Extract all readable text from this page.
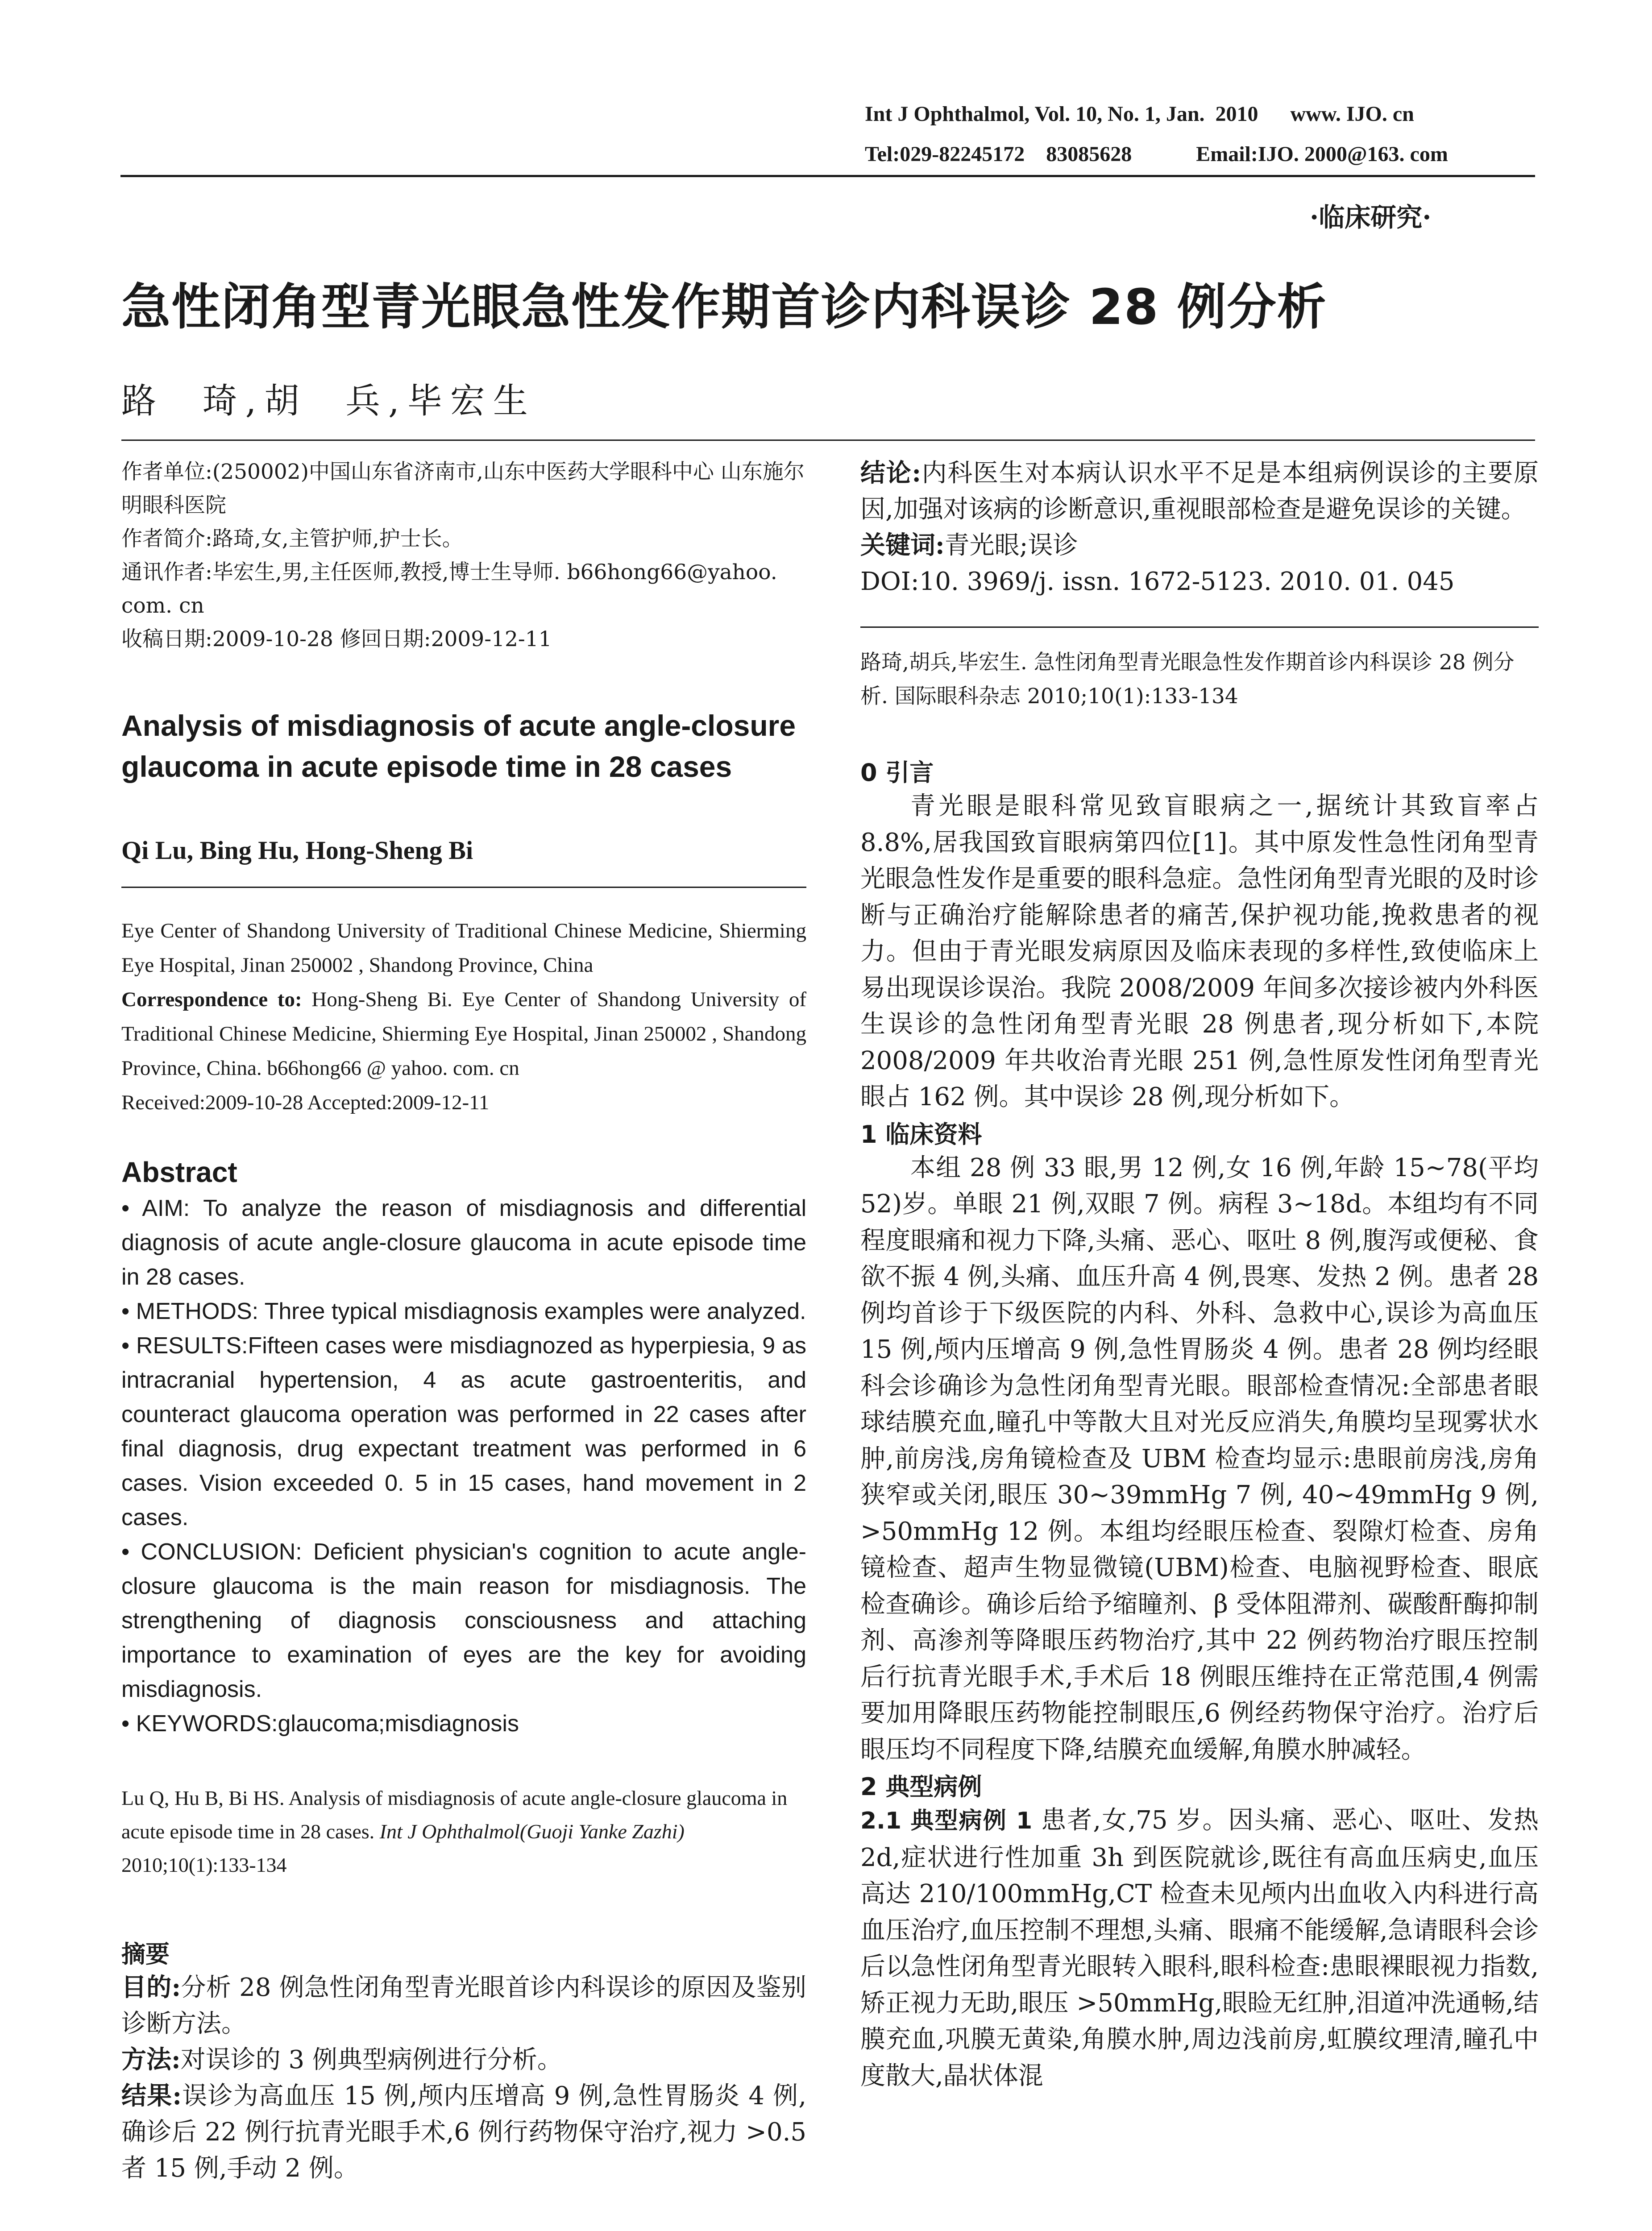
Int J Ophthalmol, Vol. 10, No. 1, Jan.  2010      www. IJO. cn
Tel:029-82245172    83085628            Email:IJO. 2000@163. com
·临床研究·
急性闭角型青光眼急性发作期首诊内科误诊 28 例分析
路  琦,胡  兵,毕宏生

作者单位:(250002)中国山东省济南市,山东中医药大学眼科中心 山东施尔明眼科医院

作者简介:路琦,女,主管护师,护士长。

通讯作者:毕宏生,男,主任医师,教授,博士生导师. b66hong66@yahoo. com. cn

收稿日期:2009-10-28 修回日期:2009-12-11

Analysis of misdiagnosis of acute angle-closure glaucoma in acute episode time in 28 cases
Qi Lu, Bing Hu, Hong-Sheng Bi

Eye Center of Shandong University of Traditional Chinese Medicine, Shierming Eye Hospital, Jinan 250002 , Shandong Province, China

Correspondence to: Hong-Sheng Bi. Eye Center of Shandong University of Traditional Chinese Medicine, Shierming Eye Hospital, Jinan 250002 , Shandong Province, China. b66hong66 @ yahoo. com. cn

Received:2009-10-28 Accepted:2009-12-11

Abstract

• AIM: To analyze the reason of misdiagnosis and differential diagnosis of acute angle-closure glaucoma in acute episode time in 28 cases.

• METHODS: Three typical misdiagnosis examples were analyzed.

• RESULTS:Fifteen cases were misdiagnozed as hyperpiesia, 9 as intracranial hypertension, 4 as acute gastroenteritis, and counteract glaucoma operation was performed in 22 cases after final diagnosis, drug expectant treatment was performed in 6 cases. Vision exceeded 0. 5 in 15 cases, hand movement in 2 cases.

• CONCLUSION: Deficient physician's cognition to acute angle-closure glaucoma is the main reason for misdiagnosis. The strengthening of diagnosis consciousness and attaching importance to examination of eyes are the key for avoiding misdiagnosis.

• KEYWORDS:glaucoma;misdiagnosis

Lu Q, Hu B, Bi HS. Analysis of misdiagnosis of acute angle-closure glaucoma in acute episode time in 28 cases. Int J Ophthalmol(Guoji Yanke Zazhi) 2010;10(1):133-134
摘要

目的:分析 28 例急性闭角型青光眼首诊内科误诊的原因及鉴别诊断方法。

方法:对误诊的 3 例典型病例进行分析。

结果:误诊为高血压 15 例,颅内压增高 9 例,急性胃肠炎 4 例,确诊后 22 例行抗青光眼手术,6 例行药物保守治疗,视力 >0.5 者 15 例,手动 2 例。

结论:内科医生对本病认识水平不足是本组病例误诊的主要原因,加强对该病的诊断意识,重视眼部检查是避免误诊的关键。

关键词:青光眼;误诊

DOI:10. 3969/j. issn. 1672-5123. 2010. 01. 045

路琦,胡兵,毕宏生. 急性闭角型青光眼急性发作期首诊内科误诊 28 例分析. 国际眼科杂志 2010;10(1):133-134
0 引言
青光眼是眼科常见致盲眼病之一,据统计其致盲率占 8.8%,居我国致盲眼病第四位[1]。其中原发性急性闭角型青光眼急性发作是重要的眼科急症。急性闭角型青光眼的及时诊断与正确治疗能解除患者的痛苦,保护视功能,挽救患者的视力。但由于青光眼发病原因及临床表现的多样性,致使临床上易出现误诊误治。我院 2008/2009 年间多次接诊被内外科医生误诊的急性闭角型青光眼 28 例患者,现分析如下,本院 2008/2009 年共收治青光眼 251 例,急性原发性闭角型青光眼占 162 例。其中误诊 28 例,现分析如下。
1 临床资料
本组 28 例 33 眼,男 12 例,女 16 例,年龄 15~78(平均52)岁。单眼 21 例,双眼 7 例。病程 3~18d。本组均有不同程度眼痛和视力下降,头痛、恶心、呕吐 8 例,腹泻或便秘、食欲不振 4 例,头痛、血压升高 4 例,畏寒、发热 2 例。患者 28 例均首诊于下级医院的内科、外科、急救中心,误诊为高血压 15 例,颅内压增高 9 例,急性胃肠炎 4 例。患者 28 例均经眼科会诊确诊为急性闭角型青光眼。眼部检查情况:全部患者眼球结膜充血,瞳孔中等散大且对光反应消失,角膜均呈现雾状水肿,前房浅,房角镜检查及 UBM 检查均显示:患眼前房浅,房角狭窄或关闭,眼压 30~39mmHg 7 例, 40~49mmHg 9 例, >50mmHg 12 例。本组均经眼压检查、裂隙灯检查、房角镜检查、超声生物显微镜(UBM)检查、电脑视野检查、眼底检查确诊。确诊后给予缩瞳剂、β 受体阻滞剂、碳酸酐酶抑制剂、高渗剂等降眼压药物治疗,其中 22 例药物治疗眼压控制后行抗青光眼手术,手术后 18 例眼压维持在正常范围,4 例需要加用降眼压药物能控制眼压,6 例经药物保守治疗。治疗后眼压均不同程度下降,结膜充血缓解,角膜水肿减轻。
2 典型病例
2.1 典型病例 1 患者,女,75 岁。因头痛、恶心、呕吐、发热 2d,症状进行性加重 3h 到医院就诊,既往有高血压病史,血压高达 210/100mmHg,CT 检查未见颅内出血收入内科进行高血压治疗,血压控制不理想,头痛、眼痛不能缓解,急请眼科会诊后以急性闭角型青光眼转入眼科,眼科检查:患眼裸眼视力指数,矫正视力无助,眼压 >50mmHg,眼睑无红肿,泪道冲洗通畅,结膜充血,巩膜无黄染,角膜水肿,周边浅前房,虹膜纹理清,瞳孔中度散大,晶状体混
